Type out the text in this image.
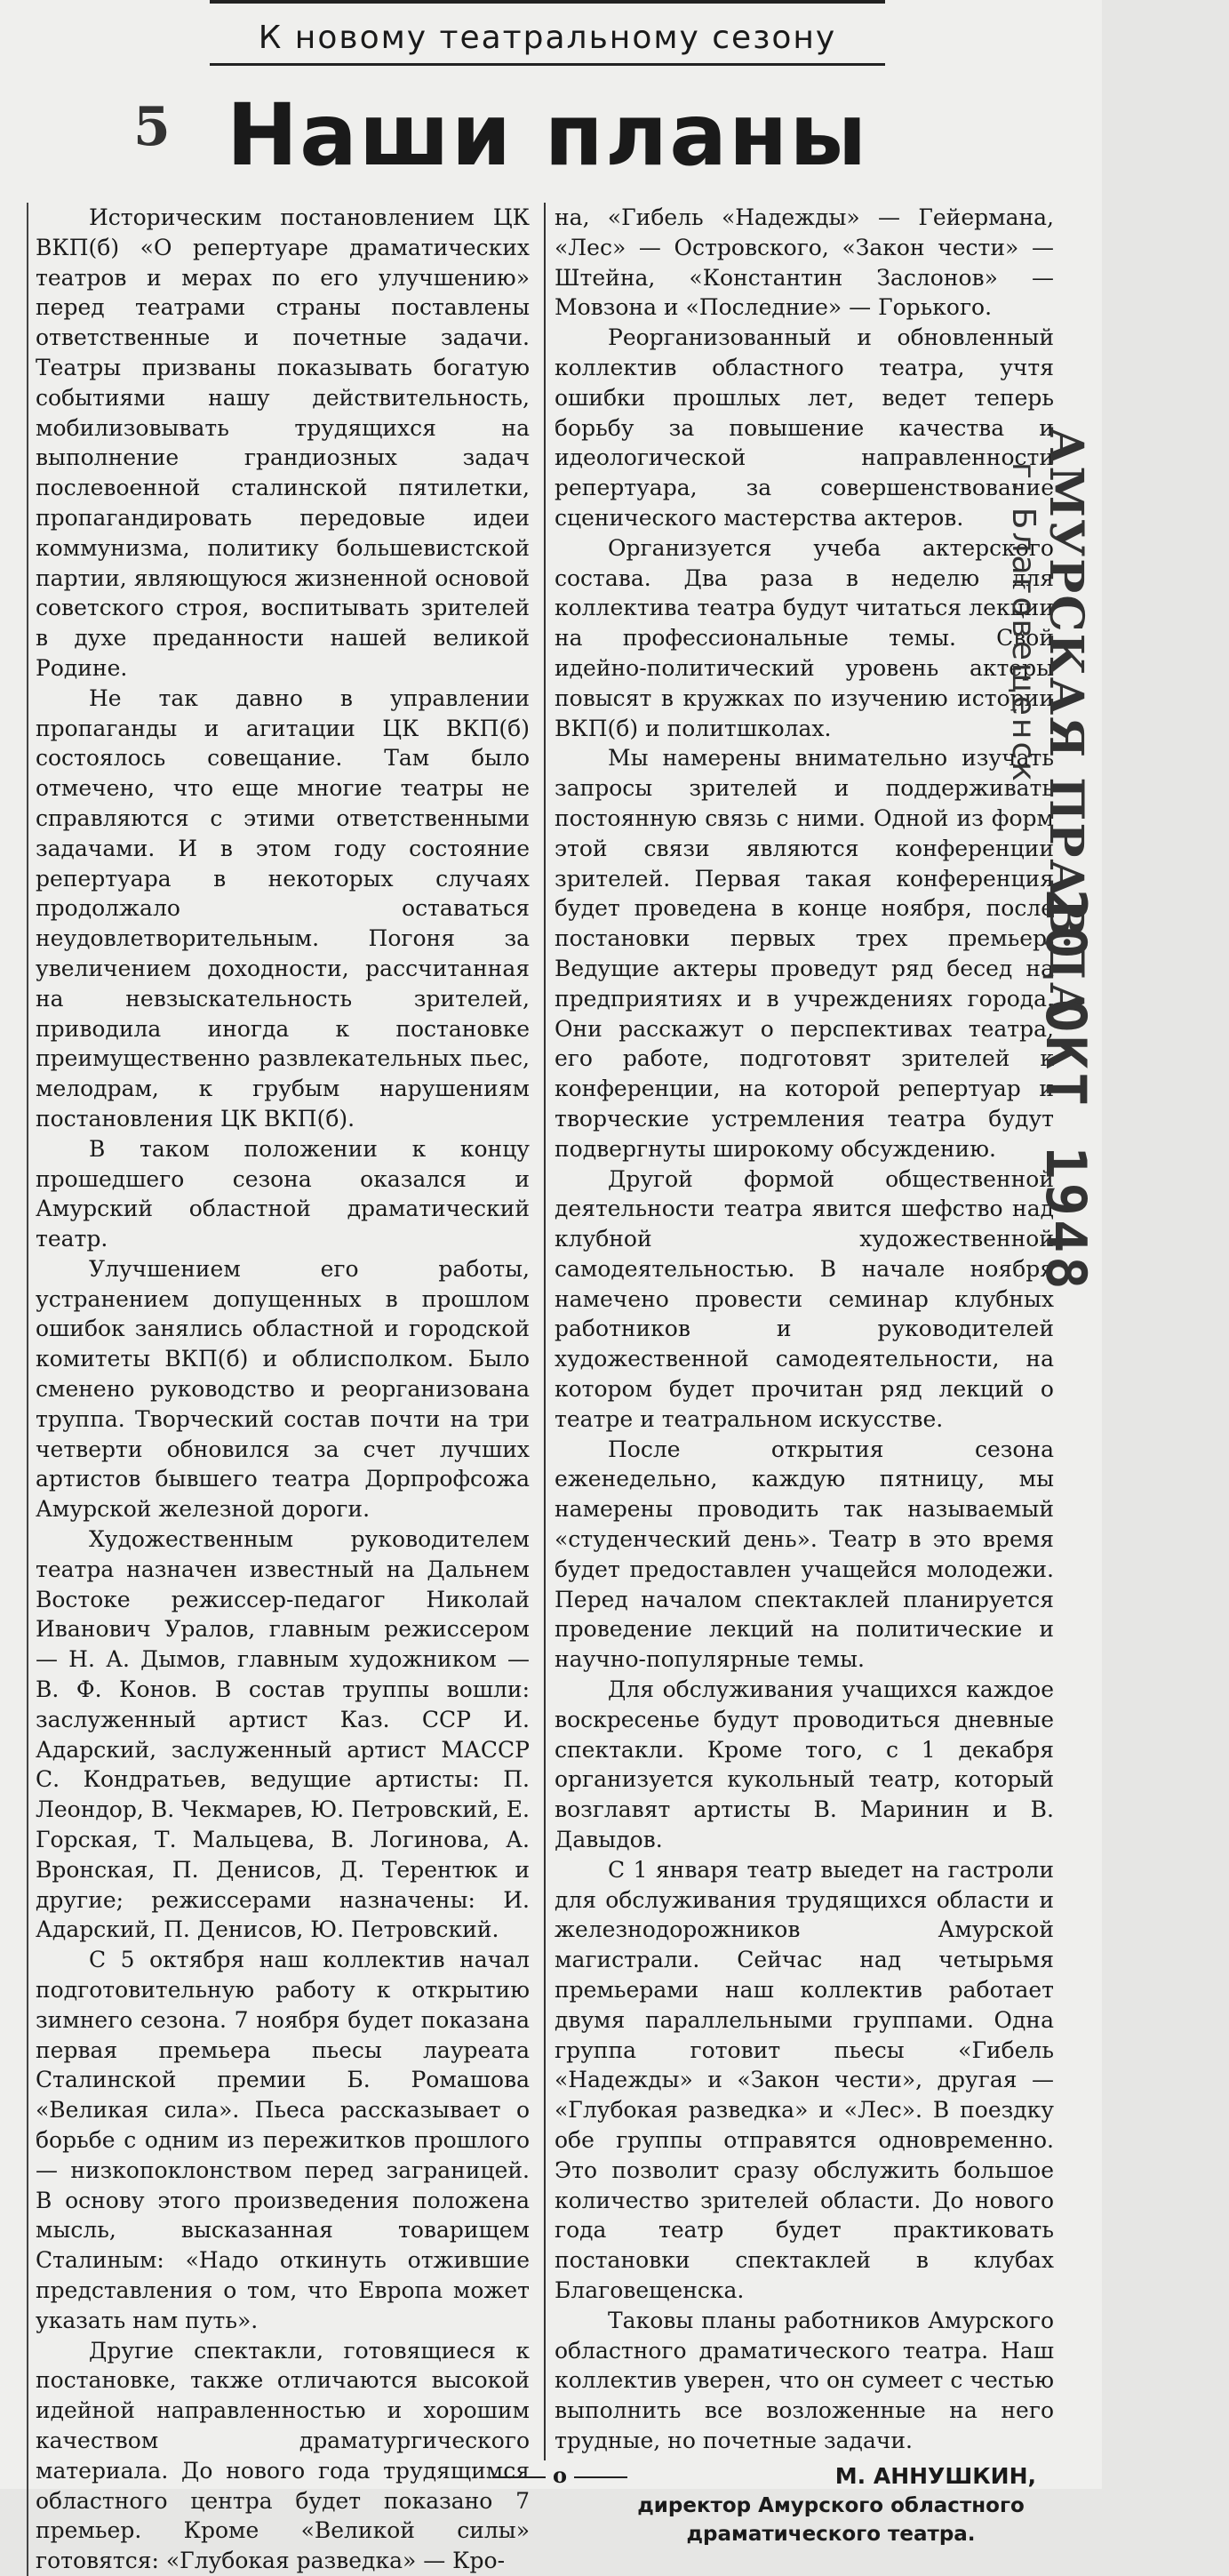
К новому театральному сезону
5 Наши планы

Историческим постановлением ЦК ВКП(б) «О репертуаре драматических театров и мерах по его улучшению» перед театрами страны поставлены ответственные и почетные задачи. Театры призваны показывать богатую событиями нашу действительность, мобилизовывать трудящихся на выполнение грандиозных задач послевоенной сталинской пятилетки, пропагандировать передовые идеи коммунизма, политику большевистской партии, являющуюся жизненной основой советского строя, воспитывать зрителей в духе преданности нашей великой Родине.

Не так давно в управлении пропаганды и агитации ЦК ВКП(б) состоялось совещание. Там было отмечено, что еще многие театры не справляются с этими ответственными задачами. И в этом году состояние репертуара в некоторых случаях продолжало оставаться неудовлетворительным. Погоня за увеличением доходности, рассчитанная на невзыскательность зрителей, приводила иногда к постановке преимущественно развлекательных пьес, мелодрам, к грубым нарушениям постановления ЦК ВКП(б).

В таком положении к концу прошедшего сезона оказался и Амурский областной драматический театр.

Улучшением его работы, устранением допущенных в прошлом ошибок занялись областной и городской комитеты ВКП(б) и облисполком. Было сменено руководство и реорганизована труппа. Творческий состав почти на три четверти обновился за счет лучших артистов бывшего театра Дорпрофсожа Амурской железной дороги.

Художественным руководителем театра назначен известный на Дальнем Востоке режиссер-педагог Николай Иванович Уралов, главным режиссером — Н. А. Дымов, главным художником — В. Ф. Конов. В состав труппы вошли: заслуженный артист Каз. ССР И. Адарский, заслуженный артист МАССР С. Кондратьев, ведущие артисты: П. Леондор, В. Чекмарев, Ю. Петровский, Е. Горская, Т. Мальцева, В. Логинова, А. Вронская, П. Денисов, Д. Терентюк и другие; режиссерами назначены: И. Адарский, П. Денисов, Ю. Петровский.

С 5 октября наш коллектив начал подготовительную работу к открытию зимнего сезона. 7 ноября будет показана первая премьера пьесы лауреата Сталинской премии Б. Ромашова «Великая сила». Пьеса рассказывает о борьбе с одним из пережитков прошлого — низкопоклонством перед заграницей. В основу этого произведения положена мысль, высказанная товарищем Сталиным: «Надо откинуть отжившие представления о том, что Европа может указать нам путь».

Другие спектакли, готовящиеся к постановке, также отличаются высокой идейной направленностью и хорошим качеством драматургического материала. До нового года трудящимся областного центра будет показано 7 премьер. Кроме «Великой силы» готовятся: «Глубокая разведка» — Кро-

на, «Гибель «Надежды» — Гейермана, «Лес» — Островского, «Закон чести» — Штейна, «Константин Заслонов» — Мовзона и «Последние» — Горького.

Реорганизованный и обновленный коллектив областного театра, учтя ошибки прошлых лет, ведет теперь борьбу за повышение качества и идеологической направленности репертуара, за совершенствование сценического мастерства актеров.

Организуется учеба актерского состава. Два раза в неделю для коллектива театра будут читаться лекции на профессиональные темы. Свой идейно-политический уровень актеры повысят в кружках по изучению истории ВКП(б) и политшколах.

Мы намерены внимательно изучать запросы зрителей и поддерживать постоянную связь с ними. Одной из форм этой связи являются конференции зрителей. Первая такая конференция будет проведена в конце ноября, после постановки первых трех премьер. Ведущие актеры проведут ряд бесед на предприятиях и в учреждениях города. Они расскажут о перспективах театра, его работе, подготовят зрителей к конференции, на которой репертуар и творческие устремления театра будут подвергнуты широкому обсуждению.

Другой формой общественной деятельности театра явится шефство над клубной художественной самодеятельностью. В начале ноября намечено провести семинар клубных работников и руководителей художественной самодеятельности, на котором будет прочитан ряд лекций о театре и театральном искусстве.

После открытия сезона еженедельно, каждую пятницу, мы намерены проводить так называемый «студенческий день». Театр в это время будет предоставлен учащейся молодежи. Перед началом спектаклей планируется проведение лекций на политические и научно-популярные темы.

Для обслуживания учащихся каждое воскресенье будут проводиться дневные спектакли. Кроме того, с 1 декабря организуется кукольный театр, который возглавят артисты В. Маринин и В. Давыдов.

С 1 января театр выедет на гастроли для обслуживания трудящихся области и железнодорожников Амурской магистрали. Сейчас над четырьмя премьерами наш коллектив работает двумя параллельными группами. Одна группа готовит пьесы «Гибель «Надежды» и «Закон чести», другая — «Глубокая разведка» и «Лес». В поездку обе группы отправятся одновременно. Это позволит сразу обслужить большое количество зрителей области. До нового года театр будет практиковать постановки спектаклей в клубах Благовещенска.

Таковы планы работников Амурского областного драматического театра. Наш коллектив уверен, что он сумеет с честью выполнить все возложенные на него трудные, но почетные задачи.

М. АННУШКИН,

директор Амурского областного драматического театра.

о
АМУРСКАЯ ПРАВДА
г. Благовещенск
20 ОКТ 1948
